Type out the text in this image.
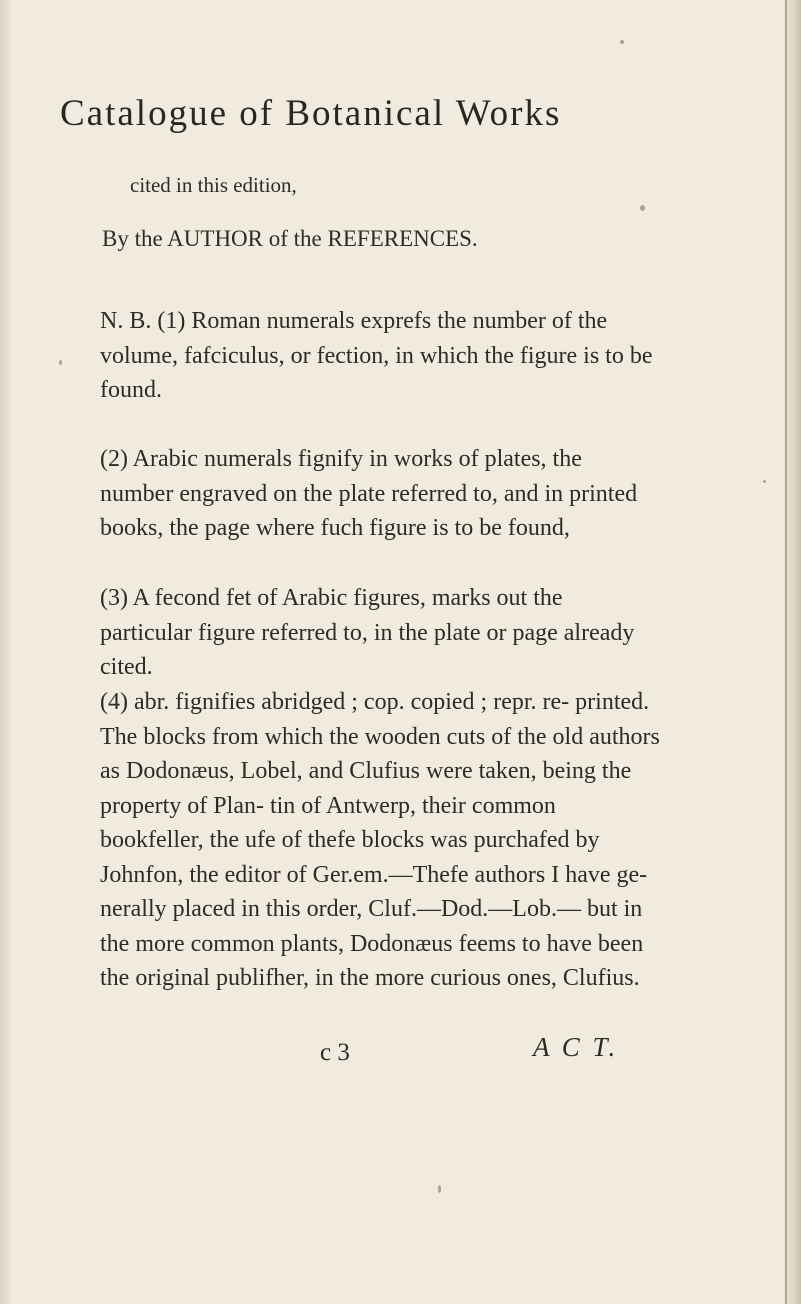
Catalogue of Botanical Works
cited in this edition,
By the AUTHOR of the REFERENCES.

N. B. (1) Roman numerals exprefs the number of the volume, fafciculus, or fection, in which the figure is to be found.

(2) Arabic numerals fignify in works of plates, the number engraved on the plate referred to, and in printed books, the page where fuch figure is to be found,

(3) A fecond fet of Arabic figures, marks out the particular figure referred to, in the plate or page already cited.

(4) abr. fignifies abridged ; cop. copied ; repr. re- printed. The blocks from which the wooden cuts of the old authors as Dodonæus, Lobel, and Clufius were taken, being the property of Plan- tin of Antwerp, their common bookfeller, the ufe of thefe blocks was purchafed by Johnfon, the editor of Ger.em.—Thefe authors I have ge- nerally placed in this order, Cluf.—Dod.—Lob.— but in the more common plants, Dodonæus feems to have been the original publifher, in the more curious ones, Clufius.

c 3	A C T.
